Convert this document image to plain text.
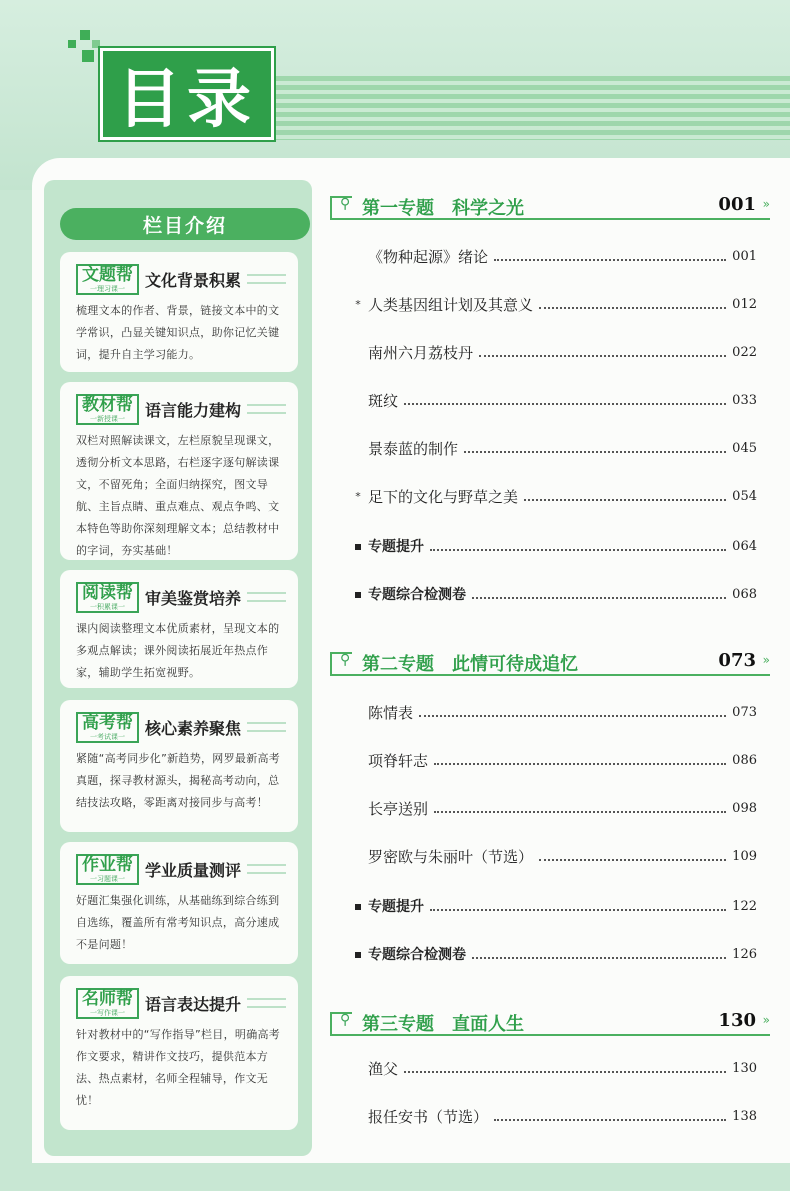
目录
栏目介绍
文题帮
一理习课一	文化背景积累
梳理文本的作者、背景，链接文本中的文学常识，凸显关键知识点，助你记忆关键词，提升自主学习能力。
教材帮
一新授课一	语言能力建构
双栏对照解读课文，左栏原貌呈现课文，透彻分析文本思路，右栏逐字逐句解读课文，不留死角；全面归纳探究，图文导航、主旨点睛、重点难点、观点争鸣、文本特色等助你深刻理解文本；总结教材中的字词，夯实基础！
阅读帮
一积累课一	审美鉴赏培养
课内阅读整理文本优质素材，呈现文本的多观点解读；课外阅读拓展近年热点作家，辅助学生拓宽视野。
高考帮
一考试课一	核心素养聚焦
紧随“高考同步化”新趋势，网罗最新高考真题，探寻教材源头，揭秘高考动向，总结技法攻略，零距离对接同步与高考！
作业帮
一习题课一	学业质量测评
好题汇集强化训练，从基础练到综合练到自选练，覆盖所有常考知识点，高分速成不是问题！
名师帮
一写作课一	语言表达提升
针对教材中的“写作指导”栏目，明确高考作文要求，精讲作文技巧，提供范本方法、热点素材，名师全程辅导，作文无忧！
⚲ 第一专题 科学之光	001 »
《物种起源》绪论	001
* 人类基因组计划及其意义	012
南州六月荔枝丹	022
斑纹	033
景泰蓝的制作	045
* 足下的文化与野草之美	054
专题提升	064
专题综合检测卷	068
⚲ 第二专题 此情可待成追忆	073 »
陈情表	073
项脊轩志	086
长亭送别	098
罗密欧与朱丽叶（节选）	109
专题提升	122
专题综合检测卷	126
⚲ 第三专题 直面人生	130 »
渔父	130
报任安书（节选）	138
